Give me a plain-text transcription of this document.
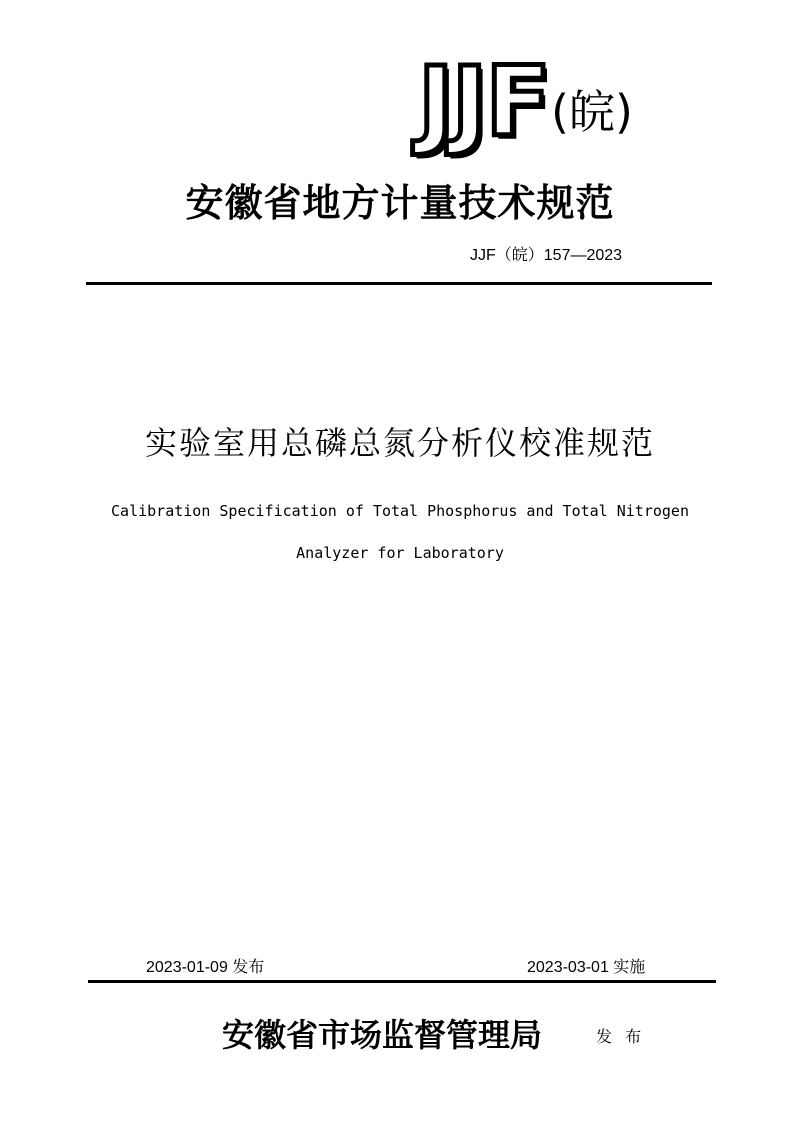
JJF (皖)
安徽省地方计量技术规范
JJF（皖）157—2023
实验室用总磷总氮分析仪校准规范
Calibration Specification of Total Phosphorus and Total Nitrogen
Analyzer for Laboratory
2023-01-09 发布	2023-03-01 实施
安徽省市场监督管理局	发 布
